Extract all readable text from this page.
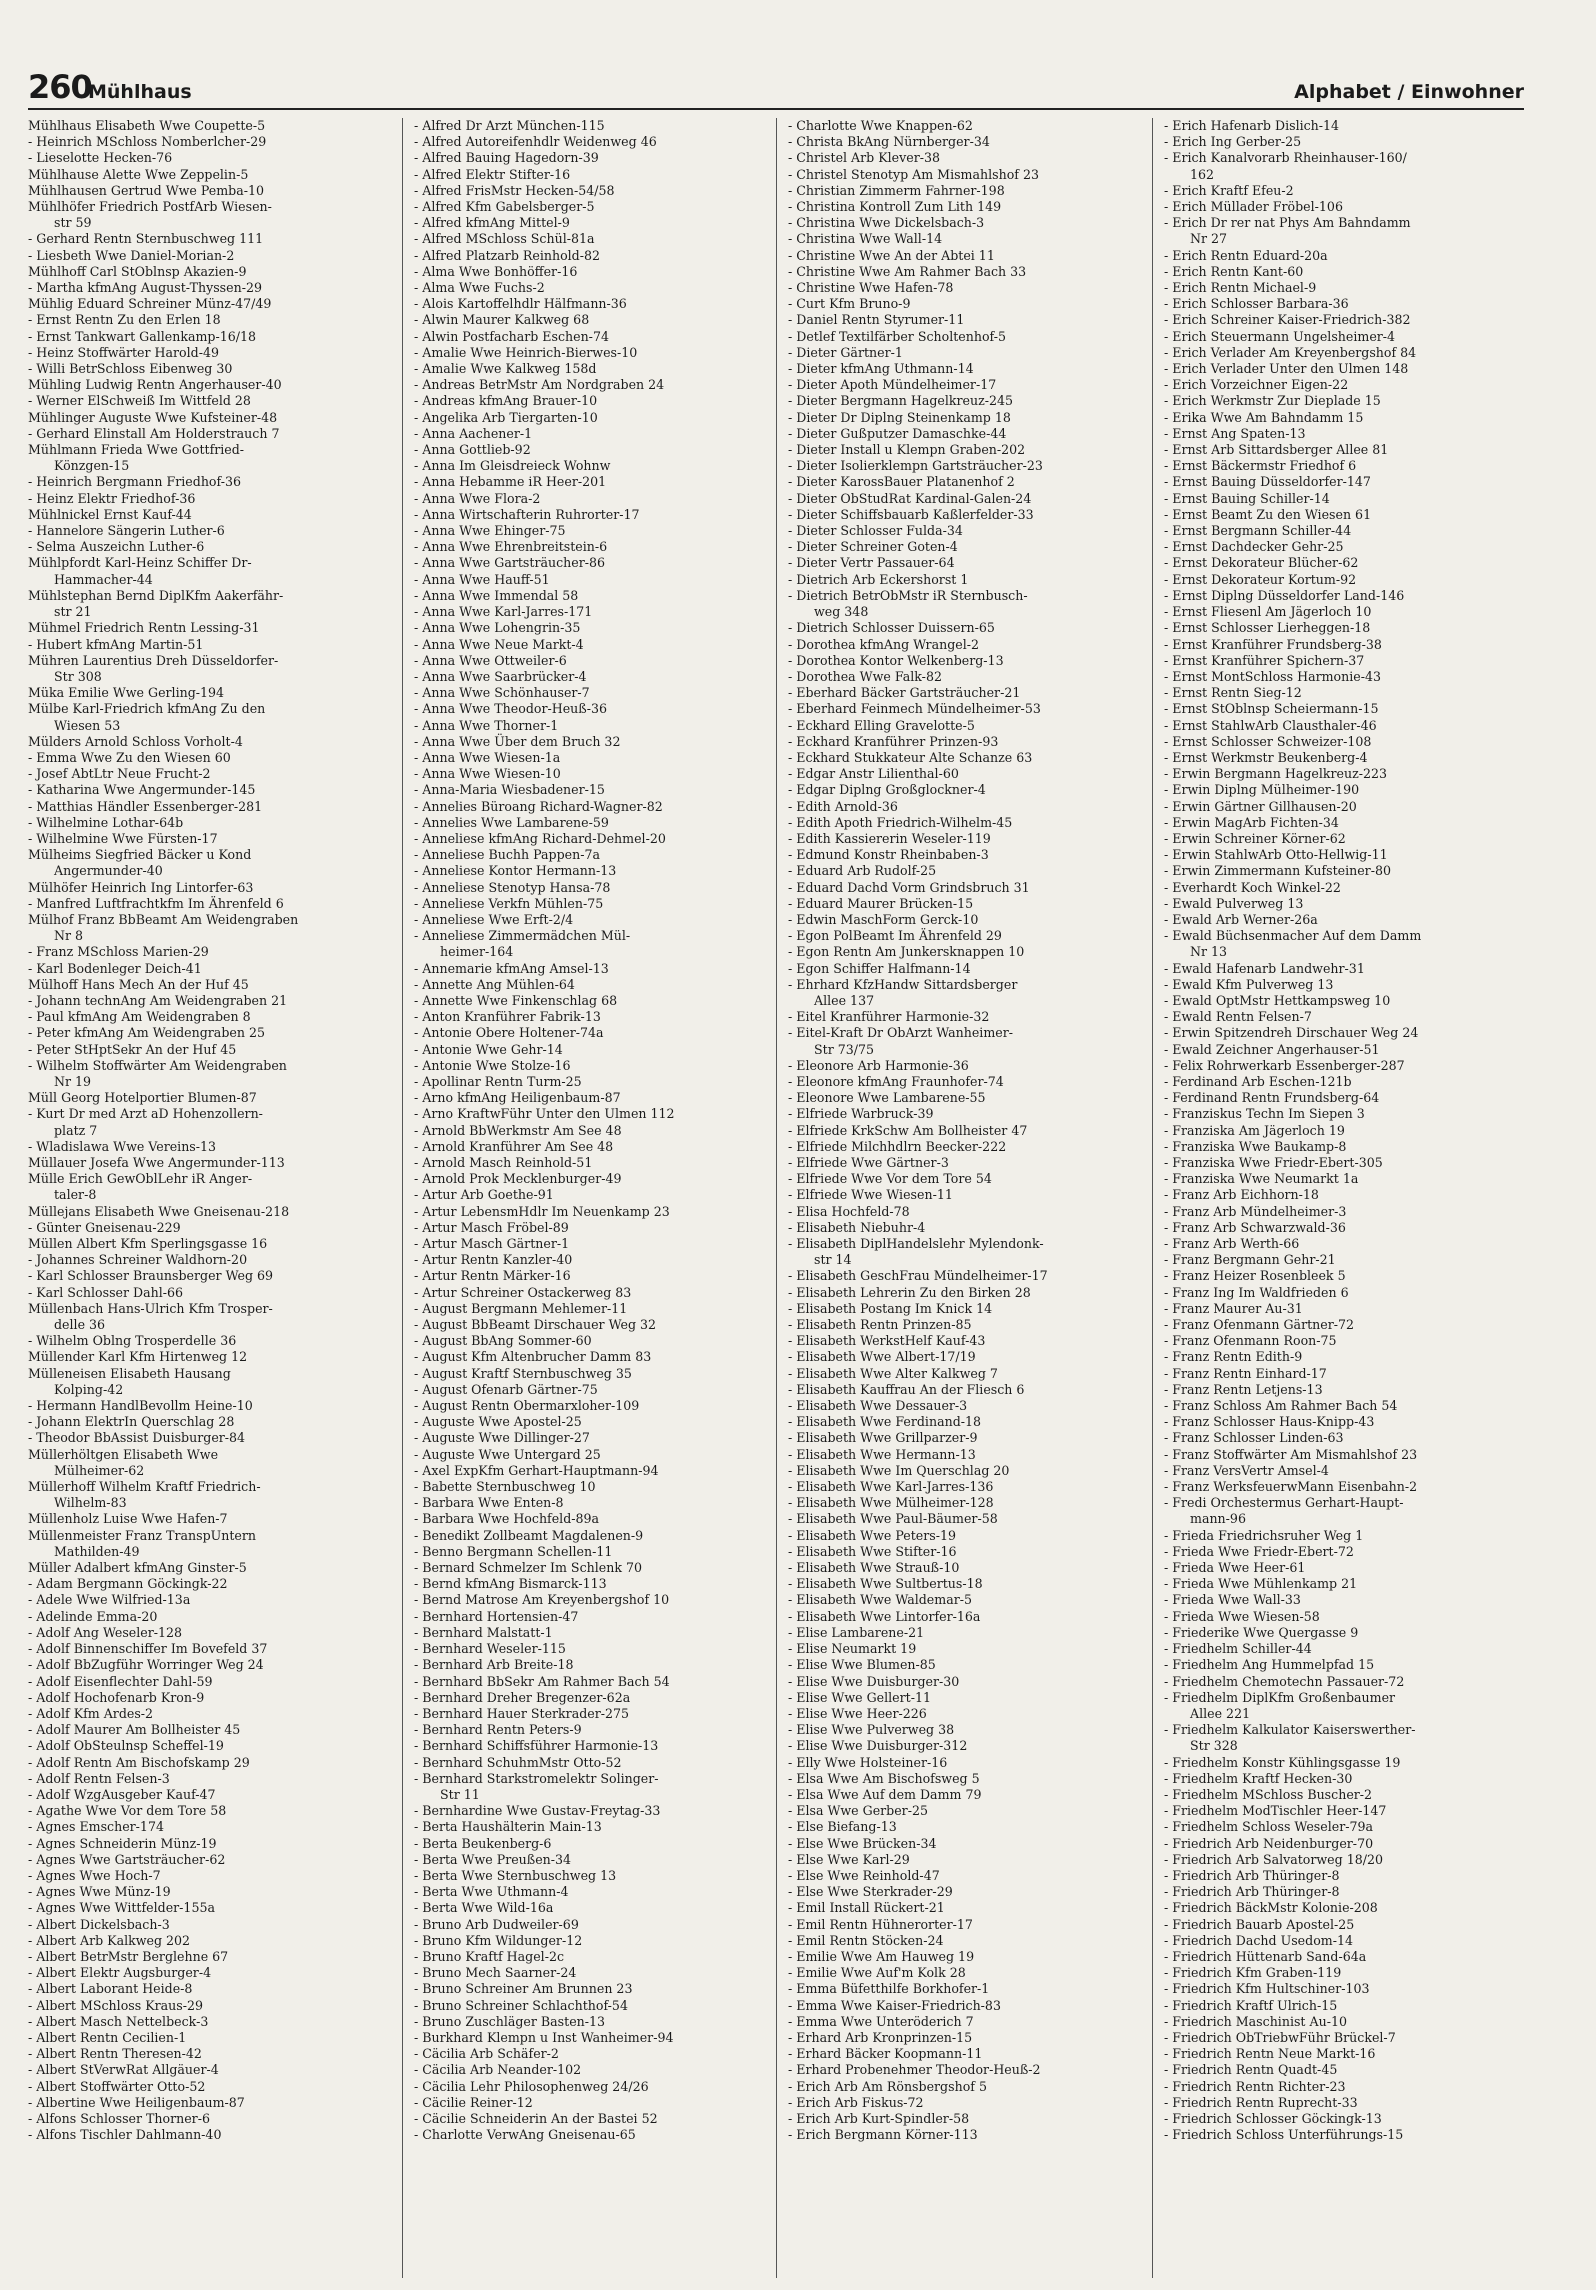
260
Mühlhaus	Alphabet / Einwohner
Mühlhaus Elisabeth Wwe Coupette-5
- Heinrich MSchloss Nomberlcher-29
- Lieselotte Hecken-76
Mühlhause Alette Wwe Zeppelin-5
Mühlhausen Gertrud Wwe Pemba-10
Mühlhöfer Friedrich PostfArb Wiesen-
str 59
- Gerhard Rentn Sternbuschweg 111
- Liesbeth Wwe Daniel-Morian-2
Mühlhoff Carl StOblnsp Akazien-9
- Martha kfmAng August-Thyssen-29
Mühlig Eduard Schreiner Münz-47/49
- Ernst Rentn Zu den Erlen 18
- Ernst Tankwart Gallenkamp-16/18
- Heinz Stoffwärter Harold-49
- Willi BetrSchloss Eibenweg 30
Mühling Ludwig Rentn Angerhauser-40
- Werner ElSchweiß Im Wittfeld 28
Mühlinger Auguste Wwe Kufsteiner-48
- Gerhard Elinstall Am Holderstrauch 7
Mühlmann Frieda Wwe Gottfried-
Könzgen-15
- Heinrich Bergmann Friedhof-36
- Heinz Elektr Friedhof-36
Mühlnickel Ernst Kauf-44
- Hannelore Sängerin Luther-6
- Selma Auszeichn Luther-6
Mühlpfordt Karl-Heinz Schiffer Dr-
Hammacher-44
Mühlstephan Bernd DiplKfm Aakerfähr-
str 21
Mühmel Friedrich Rentn Lessing-31
- Hubert kfmAng Martin-51
Mühren Laurentius Dreh Düsseldorfer-
Str 308
Müka Emilie Wwe Gerling-194
Mülbe Karl-Friedrich kfmAng Zu den
Wiesen 53
Mülders Arnold Schloss Vorholt-4
- Emma Wwe Zu den Wiesen 60
- Josef AbtLtr Neue Frucht-2
- Katharina Wwe Angermunder-145
- Matthias Händler Essenberger-281
- Wilhelmine Lothar-64b
- Wilhelmine Wwe Fürsten-17
Mülheims Siegfried Bäcker u Kond
Angermunder-40
Mülhöfer Heinrich Ing Lintorfer-63
- Manfred Luftfrachtkfm Im Ährenfeld 6
Mülhof Franz BbBeamt Am Weidengraben
Nr 8
- Franz MSchloss Marien-29
- Karl Bodenleger Deich-41
Mülhoff Hans Mech An der Huf 45
- Johann technAng Am Weidengraben 21
- Paul kfmAng Am Weidengraben 8
- Peter kfmAng Am Weidengraben 25
- Peter StHptSekr An der Huf 45
- Wilhelm Stoffwärter Am Weidengraben
Nr 19
Müll Georg Hotelportier Blumen-87
- Kurt Dr med Arzt aD Hohenzollern-
platz 7
- Wladislawa Wwe Vereins-13
Müllauer Josefa Wwe Angermunder-113
Mülle Erich GewOblLehr iR Anger-
taler-8
Müllejans Elisabeth Wwe Gneisenau-218
- Günter Gneisenau-229
Müllen Albert Kfm Sperlingsgasse 16
- Johannes Schreiner Waldhorn-20
- Karl Schlosser Braunsberger Weg 69
- Karl Schlosser Dahl-66
Müllenbach Hans-Ulrich Kfm Trosper-
delle 36
- Wilhelm Oblng Trosperdelle 36
Müllender Karl Kfm Hirtenweg 12
Mülleneisen Elisabeth Hausang
Kolping-42
- Hermann HandlBevollm Heine-10
- Johann ElektrIn Querschlag 28
- Theodor BbAssist Duisburger-84
Müllerhöltgen Elisabeth Wwe
Mülheimer-62
Müllerhoff Wilhelm Kraftf Friedrich-
Wilhelm-83
Müllenholz Luise Wwe Hafen-7
Müllenmeister Franz TranspUntern
Mathilden-49
Müller Adalbert kfmAng Ginster-5
- Adam Bergmann Göckingk-22
- Adele Wwe Wilfried-13a
- Adelinde Emma-20
- Adolf Ang Weseler-128
- Adolf Binnenschiffer Im Bovefeld 37
- Adolf BbZugführ Worringer Weg 24
- Adolf Eisenflechter Dahl-59
- Adolf Hochofenarb Kron-9
- Adolf Kfm Ardes-2
- Adolf Maurer Am Bollheister 45
- Adolf ObSteulnsp Scheffel-19
- Adolf Rentn Am Bischofskamp 29
- Adolf Rentn Felsen-3
- Adolf WzgAusgeber Kauf-47
- Agathe Wwe Vor dem Tore 58
- Agnes Emscher-174
- Agnes Schneiderin Münz-19
- Agnes Wwe Gartsträucher-62
- Agnes Wwe Hoch-7
- Agnes Wwe Münz-19
- Agnes Wwe Wittfelder-155a
- Albert Dickelsbach-3
- Albert Arb Kalkweg 202
- Albert BetrMstr Berglehne 67
- Albert Elektr Augsburger-4
- Albert Laborant Heide-8
- Albert MSchloss Kraus-29
- Albert Masch Nettelbeck-3
- Albert Rentn Cecilien-1
- Albert Rentn Theresen-42
- Albert StVerwRat Allgäuer-4
- Albert Stoffwärter Otto-52
- Albertine Wwe Heiligenbaum-87
- Alfons Schlosser Thorner-6
- Alfons Tischler Dahlmann-40
- Alfred Dr Arzt München-115
- Alfred Autoreifenhdlr Weidenweg 46
- Alfred Bauing Hagedorn-39
- Alfred Elektr Stifter-16
- Alfred FrisMstr Hecken-54/58
- Alfred Kfm Gabelsberger-5
- Alfred kfmAng Mittel-9
- Alfred MSchloss Schül-81a
- Alfred Platzarb Reinhold-82
- Alma Wwe Bonhöffer-16
- Alma Wwe Fuchs-2
- Alois Kartoffelhdlr Hälfmann-36
- Alwin Maurer Kalkweg 68
- Alwin Postfacharb Eschen-74
- Amalie Wwe Heinrich-Bierwes-10
- Amalie Wwe Kalkweg 158d
- Andreas BetrMstr Am Nordgraben 24
- Andreas kfmAng Brauer-10
- Angelika Arb Tiergarten-10
- Anna Aachener-1
- Anna Gottlieb-92
- Anna Im Gleisdreieck Wohnw
- Anna Hebamme iR Heer-201
- Anna Wwe Flora-2
- Anna Wirtschafterin Ruhrorter-17
- Anna Wwe Ehinger-75
- Anna Wwe Ehrenbreitstein-6
- Anna Wwe Gartsträucher-86
- Anna Wwe Hauff-51
- Anna Wwe Immendal 58
- Anna Wwe Karl-Jarres-171
- Anna Wwe Lohengrin-35
- Anna Wwe Neue Markt-4
- Anna Wwe Ottweiler-6
- Anna Wwe Saarbrücker-4
- Anna Wwe Schönhauser-7
- Anna Wwe Theodor-Heuß-36
- Anna Wwe Thorner-1
- Anna Wwe Über dem Bruch 32
- Anna Wwe Wiesen-1a
- Anna Wwe Wiesen-10
- Anna-Maria Wiesbadener-15
- Annelies Büroang Richard-Wagner-82
- Annelies Wwe Lambarene-59
- Anneliese kfmAng Richard-Dehmel-20
- Anneliese Buchh Pappen-7a
- Anneliese Kontor Hermann-13
- Anneliese Stenotyp Hansa-78
- Anneliese Verkfn Mühlen-75
- Anneliese Wwe Erft-2/4
- Anneliese Zimmermädchen Mül-
heimer-164
- Annemarie kfmAng Amsel-13
- Annette Ang Mühlen-64
- Annette Wwe Finkenschlag 68
- Anton Kranführer Fabrik-13
- Antonie Obere Holtener-74a
- Antonie Wwe Gehr-14
- Antonie Wwe Stolze-16
- Apollinar Rentn Turm-25
- Arno kfmAng Heiligenbaum-87
- Arno KraftwFühr Unter den Ulmen 112
- Arnold BbWerkmstr Am See 48
- Arnold Kranführer Am See 48
- Arnold Masch Reinhold-51
- Arnold Prok Mecklenburger-49
- Artur Arb Goethe-91
- Artur LebensmHdlr Im Neuenkamp 23
- Artur Masch Fröbel-89
- Artur Masch Gärtner-1
- Artur Rentn Kanzler-40
- Artur Rentn Märker-16
- Artur Schreiner Ostackerweg 83
- August Bergmann Mehlemer-11
- August BbBeamt Dirschauer Weg 32
- August BbAng Sommer-60
- August Kfm Altenbrucher Damm 83
- August Kraftf Sternbuschweg 35
- August Ofenarb Gärtner-75
- August Rentn Obermarxloher-109
- Auguste Wwe Apostel-25
- Auguste Wwe Dillinger-27
- Auguste Wwe Untergard 25
- Axel ExpKfm Gerhart-Hauptmann-94
- Babette Sternbuschweg 10
- Barbara Wwe Enten-8
- Barbara Wwe Hochfeld-89a
- Benedikt Zollbeamt Magdalenen-9
- Benno Bergmann Schellen-11
- Bernard Schmelzer Im Schlenk 70
- Bernd kfmAng Bismarck-113
- Bernd Matrose Am Kreyenbergshof 10
- Bernhard Hortensien-47
- Bernhard Malstatt-1
- Bernhard Weseler-115
- Bernhard Arb Breite-18
- Bernhard BbSekr Am Rahmer Bach 54
- Bernhard Dreher Bregenzer-62a
- Bernhard Hauer Sterkrader-275
- Bernhard Rentn Peters-9
- Bernhard Schiffsführer Harmonie-13
- Bernhard SchuhmMstr Otto-52
- Bernhard Starkstromelektr Solinger-
Str 11
- Bernhardine Wwe Gustav-Freytag-33
- Berta Haushälterin Main-13
- Berta Beukenberg-6
- Berta Wwe Preußen-34
- Berta Wwe Sternbuschweg 13
- Berta Wwe Uthmann-4
- Berta Wwe Wild-16a
- Bruno Arb Dudweiler-69
- Bruno Kfm Wildunger-12
- Bruno Kraftf Hagel-2c
- Bruno Mech Saarner-24
- Bruno Schreiner Am Brunnen 23
- Bruno Schreiner Schlachthof-54
- Bruno Zuschläger Basten-13
- Burkhard Klempn u Inst Wanheimer-94
- Cäcilia Arb Schäfer-2
- Cäcilia Arb Neander-102
- Cäcilia Lehr Philosophenweg 24/26
- Cäcilie Reiner-12
- Cäcilie Schneiderin An der Bastei 52
- Charlotte VerwAng Gneisenau-65
- Charlotte Wwe Knappen-62
- Christa BkAng Nürnberger-34
- Christel Arb Klever-38
- Christel Stenotyp Am Mismahlshof 23
- Christian Zimmerm Fahrner-198
- Christina Kontroll Zum Lith 149
- Christina Wwe Dickelsbach-3
- Christina Wwe Wall-14
- Christine Wwe An der Abtei 11
- Christine Wwe Am Rahmer Bach 33
- Christine Wwe Hafen-78
- Curt Kfm Bruno-9
- Daniel Rentn Styrumer-11
- Detlef Textilfärber Scholtenhof-5
- Dieter Gärtner-1
- Dieter kfmAng Uthmann-14
- Dieter Apoth Mündelheimer-17
- Dieter Bergmann Hagelkreuz-245
- Dieter Dr Diplng Steinenkamp 18
- Dieter Gußputzer Damaschke-44
- Dieter Install u Klempn Graben-202
- Dieter Isolierklempn Gartsträucher-23
- Dieter KarossBauer Platanenhof 2
- Dieter ObStudRat Kardinal-Galen-24
- Dieter Schiffsbauarb Kaßlerfelder-33
- Dieter Schlosser Fulda-34
- Dieter Schreiner Goten-4
- Dieter Vertr Passauer-64
- Dietrich Arb Eckershorst 1
- Dietrich BetrObMstr iR Sternbusch-
weg 348
- Dietrich Schlosser Duissern-65
- Dorothea kfmAng Wrangel-2
- Dorothea Kontor Welkenberg-13
- Dorothea Wwe Falk-82
- Eberhard Bäcker Gartsträucher-21
- Eberhard Feinmech Mündelheimer-53
- Eckhard Elling Gravelotte-5
- Eckhard Kranführer Prinzen-93
- Eckhard Stukkateur Alte Schanze 63
- Edgar Anstr Lilienthal-60
- Edgar Diplng Großglockner-4
- Edith Arnold-36
- Edith Apoth Friedrich-Wilhelm-45
- Edith Kassiererin Weseler-119
- Edmund Konstr Rheinbaben-3
- Eduard Arb Rudolf-25
- Eduard Dachd Vorm Grindsbruch 31
- Eduard Maurer Brücken-15
- Edwin MaschForm Gerck-10
- Egon PolBeamt Im Ährenfeld 29
- Egon Rentn Am Junkersknappen 10
- Egon Schiffer Halfmann-14
- Ehrhard KfzHandw Sittardsberger
Allee 137
- Eitel Kranführer Harmonie-32
- Eitel-Kraft Dr ObArzt Wanheimer-
Str 73/75
- Eleonore Arb Harmonie-36
- Eleonore kfmAng Fraunhofer-74
- Eleonore Wwe Lambarene-55
- Elfriede Warbruck-39
- Elfriede KrkSchw Am Bollheister 47
- Elfriede Milchhdlrn Beecker-222
- Elfriede Wwe Gärtner-3
- Elfriede Wwe Vor dem Tore 54
- Elfriede Wwe Wiesen-11
- Elisa Hochfeld-78
- Elisabeth Niebuhr-4
- Elisabeth DiplHandelslehr Mylendonk-
str 14
- Elisabeth GeschFrau Mündelheimer-17
- Elisabeth Lehrerin Zu den Birken 28
- Elisabeth Postang Im Knick 14
- Elisabeth Rentn Prinzen-85
- Elisabeth WerkstHelf Kauf-43
- Elisabeth Wwe Albert-17/19
- Elisabeth Wwe Alter Kalkweg 7
- Elisabeth Kauffrau An der Fliesch 6
- Elisabeth Wwe Dessauer-3
- Elisabeth Wwe Ferdinand-18
- Elisabeth Wwe Grillparzer-9
- Elisabeth Wwe Hermann-13
- Elisabeth Wwe Im Querschlag 20
- Elisabeth Wwe Karl-Jarres-136
- Elisabeth Wwe Mülheimer-128
- Elisabeth Wwe Paul-Bäumer-58
- Elisabeth Wwe Peters-19
- Elisabeth Wwe Stifter-16
- Elisabeth Wwe Strauß-10
- Elisabeth Wwe Sultbertus-18
- Elisabeth Wwe Waldemar-5
- Elisabeth Wwe Lintorfer-16a
- Elise Lambarene-21
- Elise Neumarkt 19
- Elise Wwe Blumen-85
- Elise Wwe Duisburger-30
- Elise Wwe Gellert-11
- Elise Wwe Heer-226
- Elise Wwe Pulverweg 38
- Elise Wwe Duisburger-312
- Elly Wwe Holsteiner-16
- Elsa Wwe Am Bischofsweg 5
- Elsa Wwe Auf dem Damm 79
- Elsa Wwe Gerber-25
- Else Biefang-13
- Else Wwe Brücken-34
- Else Wwe Karl-29
- Else Wwe Reinhold-47
- Else Wwe Sterkrader-29
- Emil Install Rückert-21
- Emil Rentn Hühnerorter-17
- Emil Rentn Stöcken-24
- Emilie Wwe Am Hauweg 19
- Emilie Wwe Auf'm Kolk 28
- Emma Büfetthilfe Borkhofer-1
- Emma Wwe Kaiser-Friedrich-83
- Emma Wwe Unteröderich 7
- Erhard Arb Kronprinzen-15
- Erhard Bäcker Koopmann-11
- Erhard Probenehmer Theodor-Heuß-2
- Erich Arb Am Rönsbergshof 5
- Erich Arb Fiskus-72
- Erich Arb Kurt-Spindler-58
- Erich Bergmann Körner-113
- Erich Hafenarb Dislich-14
- Erich Ing Gerber-25
- Erich Kanalvorarb Rheinhauser-160/
162
- Erich Kraftf Efeu-2
- Erich Müllader Fröbel-106
- Erich Dr rer nat Phys Am Bahndamm
Nr 27
- Erich Rentn Eduard-20a
- Erich Rentn Kant-60
- Erich Rentn Michael-9
- Erich Schlosser Barbara-36
- Erich Schreiner Kaiser-Friedrich-382
- Erich Steuermann Ungelsheimer-4
- Erich Verlader Am Kreyenbergshof 84
- Erich Verlader Unter den Ulmen 148
- Erich Vorzeichner Eigen-22
- Erich Werkmstr Zur Dieplade 15
- Erika Wwe Am Bahndamm 15
- Ernst Ang Spaten-13
- Ernst Arb Sittardsberger Allee 81
- Ernst Bäckermstr Friedhof 6
- Ernst Bauing Düsseldorfer-147
- Ernst Bauing Schiller-14
- Ernst Beamt Zu den Wiesen 61
- Ernst Bergmann Schiller-44
- Ernst Dachdecker Gehr-25
- Ernst Dekorateur Blücher-62
- Ernst Dekorateur Kortum-92
- Ernst Diplng Düsseldorfer Land-146
- Ernst Fliesenl Am Jägerloch 10
- Ernst Schlosser Lierheggen-18
- Ernst Kranführer Frundsberg-38
- Ernst Kranführer Spichern-37
- Ernst MontSchloss Harmonie-43
- Ernst Rentn Sieg-12
- Ernst StOblnsp Scheiermann-15
- Ernst StahlwArb Clausthaler-46
- Ernst Schlosser Schweizer-108
- Ernst Werkmstr Beukenberg-4
- Erwin Bergmann Hagelkreuz-223
- Erwin Diplng Mülheimer-190
- Erwin Gärtner Gillhausen-20
- Erwin MagArb Fichten-34
- Erwin Schreiner Körner-62
- Erwin StahlwArb Otto-Hellwig-11
- Erwin Zimmermann Kufsteiner-80
- Everhardt Koch Winkel-22
- Ewald Pulverweg 13
- Ewald Arb Werner-26a
- Ewald Büchsenmacher Auf dem Damm
Nr 13
- Ewald Hafenarb Landwehr-31
- Ewald Kfm Pulverweg 13
- Ewald OptMstr Hettkampsweg 10
- Ewald Rentn Felsen-7
- Erwin Spitzendreh Dirschauer Weg 24
- Ewald Zeichner Angerhauser-51
- Felix Rohrwerkarb Essenberger-287
- Ferdinand Arb Eschen-121b
- Ferdinand Rentn Frundsberg-64
- Franziskus Techn Im Siepen 3
- Franziska Am Jägerloch 19
- Franziska Wwe Baukamp-8
- Franziska Wwe Friedr-Ebert-305
- Franziska Wwe Neumarkt 1a
- Franz Arb Eichhorn-18
- Franz Arb Mündelheimer-3
- Franz Arb Schwarzwald-36
- Franz Arb Werth-66
- Franz Bergmann Gehr-21
- Franz Heizer Rosenbleek 5
- Franz Ing Im Waldfrieden 6
- Franz Maurer Au-31
- Franz Ofenmann Gärtner-72
- Franz Ofenmann Roon-75
- Franz Rentn Edith-9
- Franz Rentn Einhard-17
- Franz Rentn Letjens-13
- Franz Schloss Am Rahmer Bach 54
- Franz Schlosser Haus-Knipp-43
- Franz Schlosser Linden-63
- Franz Stoffwärter Am Mismahlshof 23
- Franz VersVertr Amsel-4
- Franz WerksfeuerwMann Eisenbahn-2
- Fredi Orchestermus Gerhart-Haupt-
mann-96
- Frieda Friedrichsruher Weg 1
- Frieda Wwe Friedr-Ebert-72
- Frieda Wwe Heer-61
- Frieda Wwe Mühlenkamp 21
- Frieda Wwe Wall-33
- Frieda Wwe Wiesen-58
- Friederike Wwe Quergasse 9
- Friedhelm Schiller-44
- Friedhelm Ang Hummelpfad 15
- Friedhelm Chemotechn Passauer-72
- Friedhelm DiplKfm Großenbaumer
Allee 221
- Friedhelm Kalkulator Kaiserswerther-
Str 328
- Friedhelm Konstr Kühlingsgasse 19
- Friedhelm Kraftf Hecken-30
- Friedhelm MSchloss Buscher-2
- Friedhelm ModTischler Heer-147
- Friedhelm Schloss Weseler-79a
- Friedrich Arb Neidenburger-70
- Friedrich Arb Salvatorweg 18/20
- Friedrich Arb Thüringer-8
- Friedrich Arb Thüringer-8
- Friedrich BäckMstr Kolonie-208
- Friedrich Bauarb Apostel-25
- Friedrich Dachd Usedom-14
- Friedrich Hüttenarb Sand-64a
- Friedrich Kfm Graben-119
- Friedrich Kfm Hultschiner-103
- Friedrich Kraftf Ulrich-15
- Friedrich Maschinist Au-10
- Friedrich ObTriebwFühr Brückel-7
- Friedrich Rentn Neue Markt-16
- Friedrich Rentn Quadt-45
- Friedrich Rentn Richter-23
- Friedrich Rentn Ruprecht-33
- Friedrich Schlosser Göckingk-13
- Friedrich Schloss Unterführungs-15
